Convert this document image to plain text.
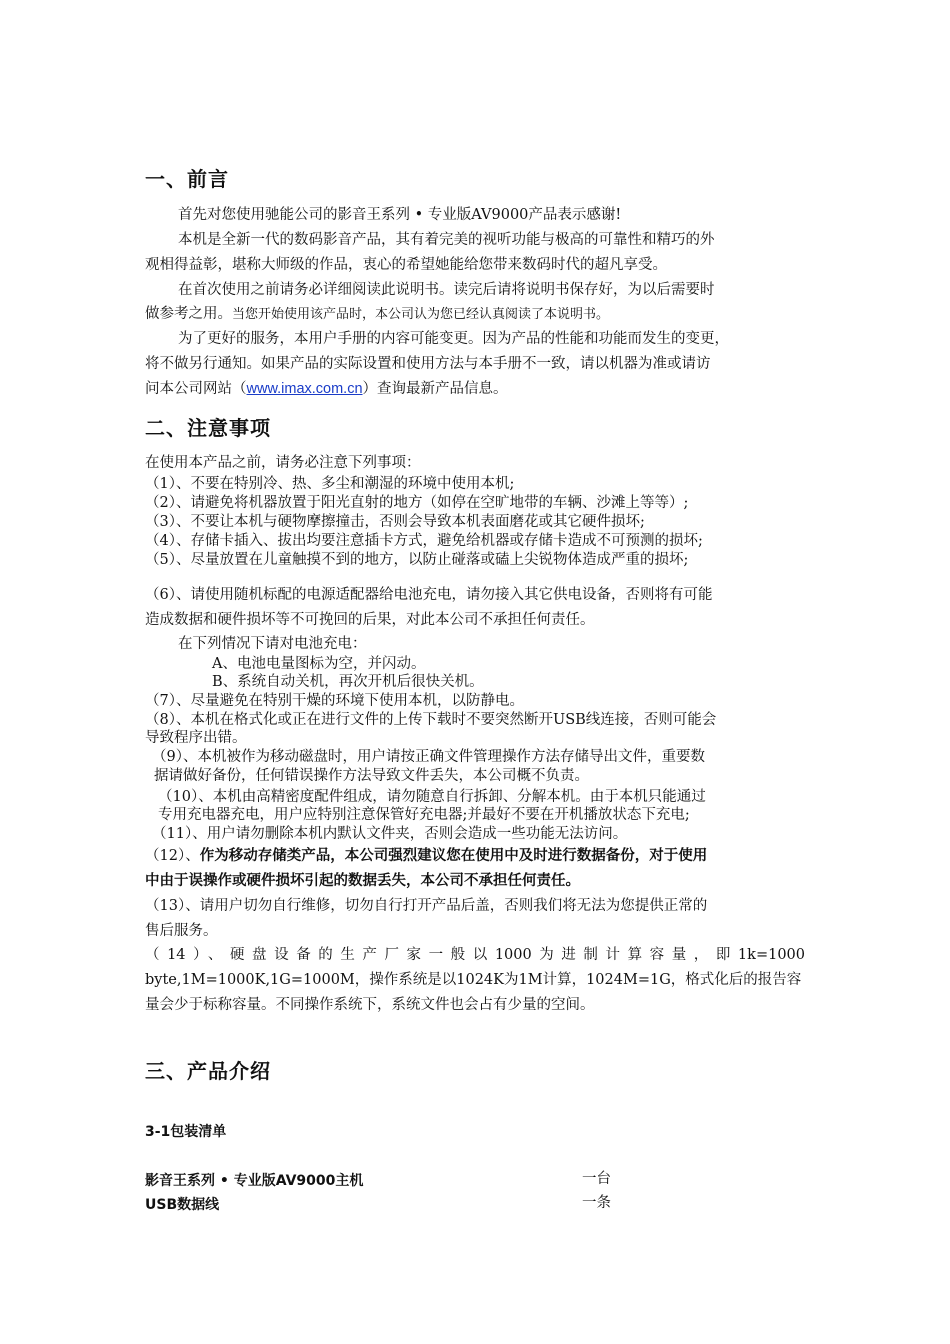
一、前言

首先对您使用驰能公司的影音王系列 • 专业版AV9000产品表示感谢!

本机是全新一代的数码影音产品，其有着完美的视听功能与极高的可靠性和精巧的外

观相得益彰，堪称大师级的作品，衷心的希望她能给您带来数码时代的超凡享受。

在首次使用之前请务必详细阅读此说明书。读完后请将说明书保存好，为以后需要时

做参考之用。当您开始使用该产品时，本公司认为您已经认真阅读了本说明书。

为了更好的服务，本用户手册的内容可能变更。因为产品的性能和功能而发生的变更，

将不做另行通知。如果产品的实际设置和使用方法与本手册不一致，请以机器为准或请访

问本公司网站（www.imax.com.cn）查询最新产品信息。

二、注意事项

在使用本产品之前，请务必注意下列事项：

（1）、不要在特别冷、热、多尘和潮湿的环境中使用本机;

（2）、请避免将机器放置于阳光直射的地方（如停在空旷地带的车辆、沙滩上等等）;

（3）、不要让本机与硬物摩擦撞击，否则会导致本机表面磨花或其它硬件损坏;

（4）、存储卡插入、拔出均要注意插卡方式，避免给机器或存储卡造成不可预测的损坏;

（5）、尽量放置在儿童触摸不到的地方，以防止碰落或磕上尖锐物体造成严重的损坏;

（6）、请使用随机标配的电源适配器给电池充电，请勿接入其它供电设备，否则将有可能

造成数据和硬件损坏等不可挽回的后果，对此本公司不承担任何责任。

在下列情况下请对电池充电：

A、电池电量图标为空，并闪动。

B、系统自动关机，再次开机后很快关机。

（7）、尽量避免在特别干燥的环境下使用本机，以防静电。

（8）、本机在格式化或正在进行文件的上传下载时不要突然断开USB线连接，否则可能会

导致程序出错。

（9）、本机被作为移动磁盘时，用户请按正确文件管理操作方法存储导出文件，重要数

据请做好备份，任何错误操作方法导致文件丢失，本公司概不负责。

（10）、本机由高精密度配件组成，请勿随意自行拆卸、分解本机。由于本机只能通过

专用充电器充电，用户应特别注意保管好充电器;并最好不要在开机播放状态下充电;

（11）、用户请勿删除本机内默认文件夹，否则会造成一些功能无法访问。

（12）、作为移动存储类产品，本公司强烈建议您在使用中及时进行数据备份，对于使用

中由于误操作或硬件损坏引起的数据丢失，本公司不承担任何责任。

（13）、请用户切勿自行维修，切勿自行打开产品后盖，否则我们将无法为您提供正常的

售后服务。

（14）、硬盘设备的生产厂家一般以1000为进制计算容量，即1k=1000

byte,1M=1000K,1G=1000M，操作系统是以1024K为1M计算，1024M=1G，格式化后的报告容

量会少于标称容量。不同操作系统下，系统文件也会占有少量的空间。

三、产品介绍

3-1包装清单

影音王系列 • 专业版AV9000主机	一台

USB数据线	一条
